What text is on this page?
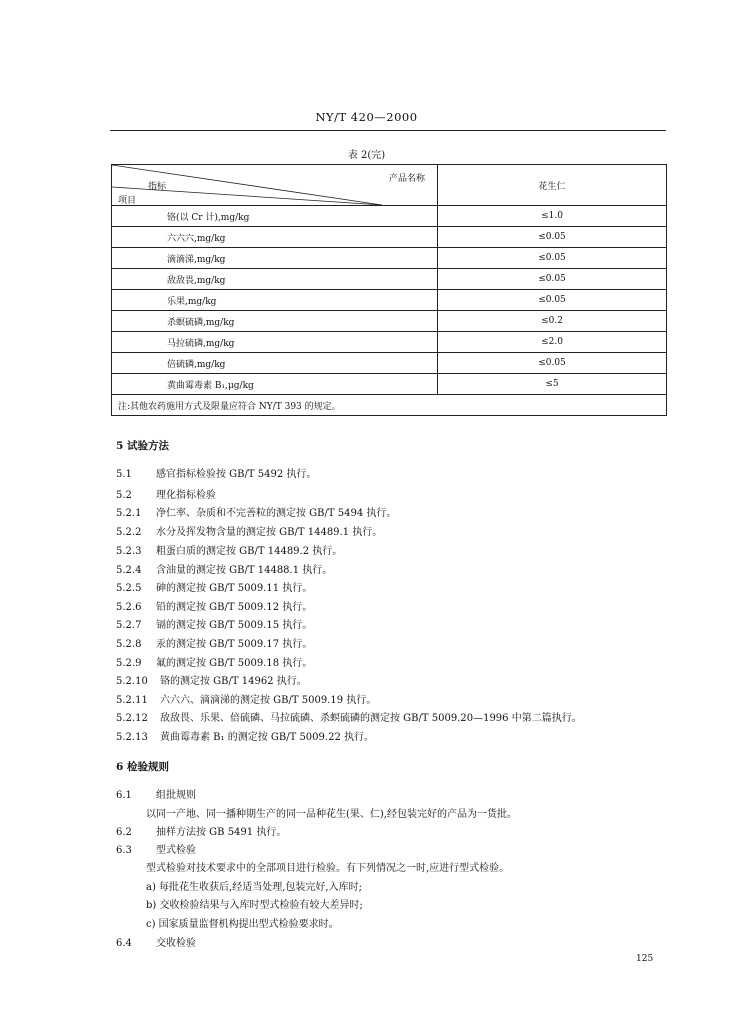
NY/T 420—2000
表 2(完)
产品名称
指标
项目	花生仁
铬(以 Cr 计),mg/kg	≤1.0
六六六,mg/kg	≤0.05
滴滴涕,mg/kg	≤0.05
敌敌畏,mg/kg	≤0.05
乐果,mg/kg	≤0.05
杀螟硫磷,mg/kg	≤0.2
马拉硫磷,mg/kg	≤2.0
倍硫磷,mg/kg	≤0.05
黄曲霉毒素 B₁,μg/kg	≤5
注:其他农药施用方式及限量应符合 NY/T 393 的规定。	
5 试验方法
5.1 感官指标检验按 GB/T 5492 执行。
5.2 理化指标检验
5.2.1 净仁率、杂质和不完善粒的测定按 GB/T 5494 执行。
5.2.2 水分及挥发物含量的测定按 GB/T 14489.1 执行。
5.2.3 粗蛋白质的测定按 GB/T 14489.2 执行。
5.2.4 含油量的测定按 GB/T 14488.1 执行。
5.2.5 砷的测定按 GB/T 5009.11 执行。
5.2.6 铅的测定按 GB/T 5009.12 执行。
5.2.7 镉的测定按 GB/T 5009.15 执行。
5.2.8 汞的测定按 GB/T 5009.17 执行。
5.2.9 氟的测定按 GB/T 5009.18 执行。
5.2.10 铬的测定按 GB/T 14962 执行。
5.2.11 六六六、滴滴涕的测定按 GB/T 5009.19 执行。
5.2.12 敌敌畏、乐果、倍硫磷、马拉硫磷、杀螟硫磷的测定按 GB/T 5009.20—1996 中第二篇执行。
5.2.13 黄曲霉毒素 B₁ 的测定按 GB/T 5009.22 执行。
6 检验规则
6.1 组批规则
以同一产地、同一播种期生产的同一品种花生(果、仁),经包装完好的产品为一货批。
6.2 抽样方法按 GB 5491 执行。
6.3 型式检验
型式检验对技术要求中的全部项目进行检验。有下列情况之一时,应进行型式检验。
a) 每批花生收获后,经适当处理,包装完好,入库时;
b) 交收检验结果与入库时型式检验有较大差异时;
c) 国家质量监督机构提出型式检验要求时。
6.4 交收检验
125
